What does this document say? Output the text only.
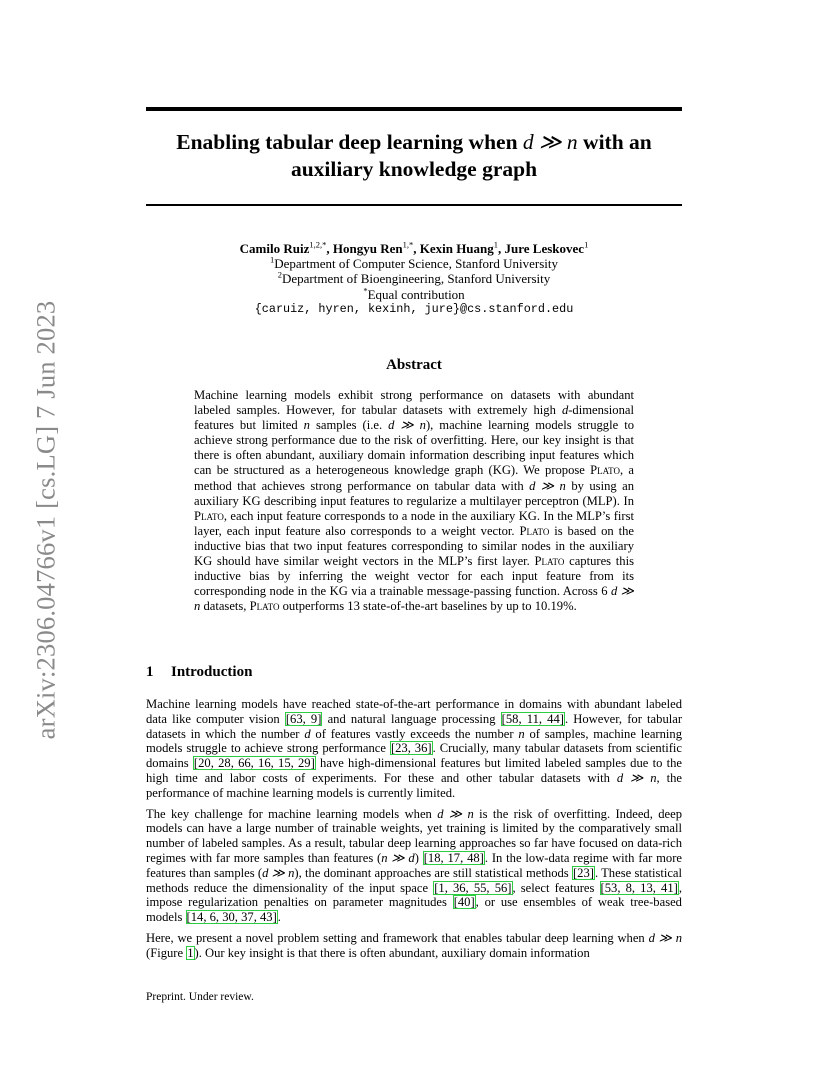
Enabling tabular deep learning when d ≫ n with an auxiliary knowledge graph
arXiv:2306.04766v1 [cs.LG] 7 Jun 2023
Camilo Ruiz$^{1,2,*}$, Hongyu Ren$^{1,*}$, Kexin Huang$^1$, Jure Leskovec$^1$
$^1$Department of Computer Science, Stanford University
$^2$Department of Bioengineering, Stanford University
*Equal contribution
{caruiz, hyren, kexinh, jure}@cs.stanford.edu
Abstract
Machine learning models exhibit strong performance on datasets with abundant labeled samples. However, for tabular datasets with extremely high d-dimensional features but limited n samples (i.e. d ≫ n), machine learning models struggle to achieve strong performance due to the risk of overfitting. Here, our key insight is that there is often abundant, auxiliary domain information describing input features which can be structured as a heterogeneous knowledge graph (KG). We propose Plato, a method that achieves strong performance on tabular data with d ≫ n by using an auxiliary KG describing input features to regularize a multilayer perceptron (MLP). In Plato, each input feature corresponds to a node in the auxiliary KG. In the MLP’s first layer, each input feature also corresponds to a weight vector. Plato is based on the inductive bias that two input features corresponding to similar nodes in the auxiliary KG should have similar weight vectors in the MLP’s first layer. Plato captures this inductive bias by inferring the weight vector for each input feature from its corresponding node in the KG via a trainable message-passing function. Across 6 d ≫ n datasets, Plato outperforms 13 state-of-the-art baselines by up to 10.19%.
1 Introduction

Machine learning models have reached state-of-the-art performance in domains with abundant labeled data like computer vision [63, 9] and natural language processing [58, 11, 44]. However, for tabular datasets in which the number d of features vastly exceeds the number n of samples, machine learning models struggle to achieve strong performance [23, 36]. Crucially, many tabular datasets from scientific domains [20, 28, 66, 16, 15, 29] have high-dimensional features but limited labeled samples due to the high time and labor costs of experiments. For these and other tabular datasets with d ≫ n, the performance of machine learning models is currently limited.

The key challenge for machine learning models when d ≫ n is the risk of overfitting. Indeed, deep models can have a large number of trainable weights, yet training is limited by the comparatively small number of labeled samples. As a result, tabular deep learning approaches so far have focused on data-rich regimes with far more samples than features (n ≫ d) [18, 17, 48]. In the low-data regime with far more features than samples (d ≫ n), the dominant approaches are still statistical methods [23]. These statistical methods reduce the dimensionality of the input space [1, 36, 55, 56], select features [53, 8, 13, 41], impose regularization penalties on parameter magnitudes [40], or use ensembles of weak tree-based models [14, 6, 30, 37, 43].

Here, we present a novel problem setting and framework that enables tabular deep learning when d ≫ n (Figure 1). Our key insight is that there is often abundant, auxiliary domain information

Preprint. Under review.
